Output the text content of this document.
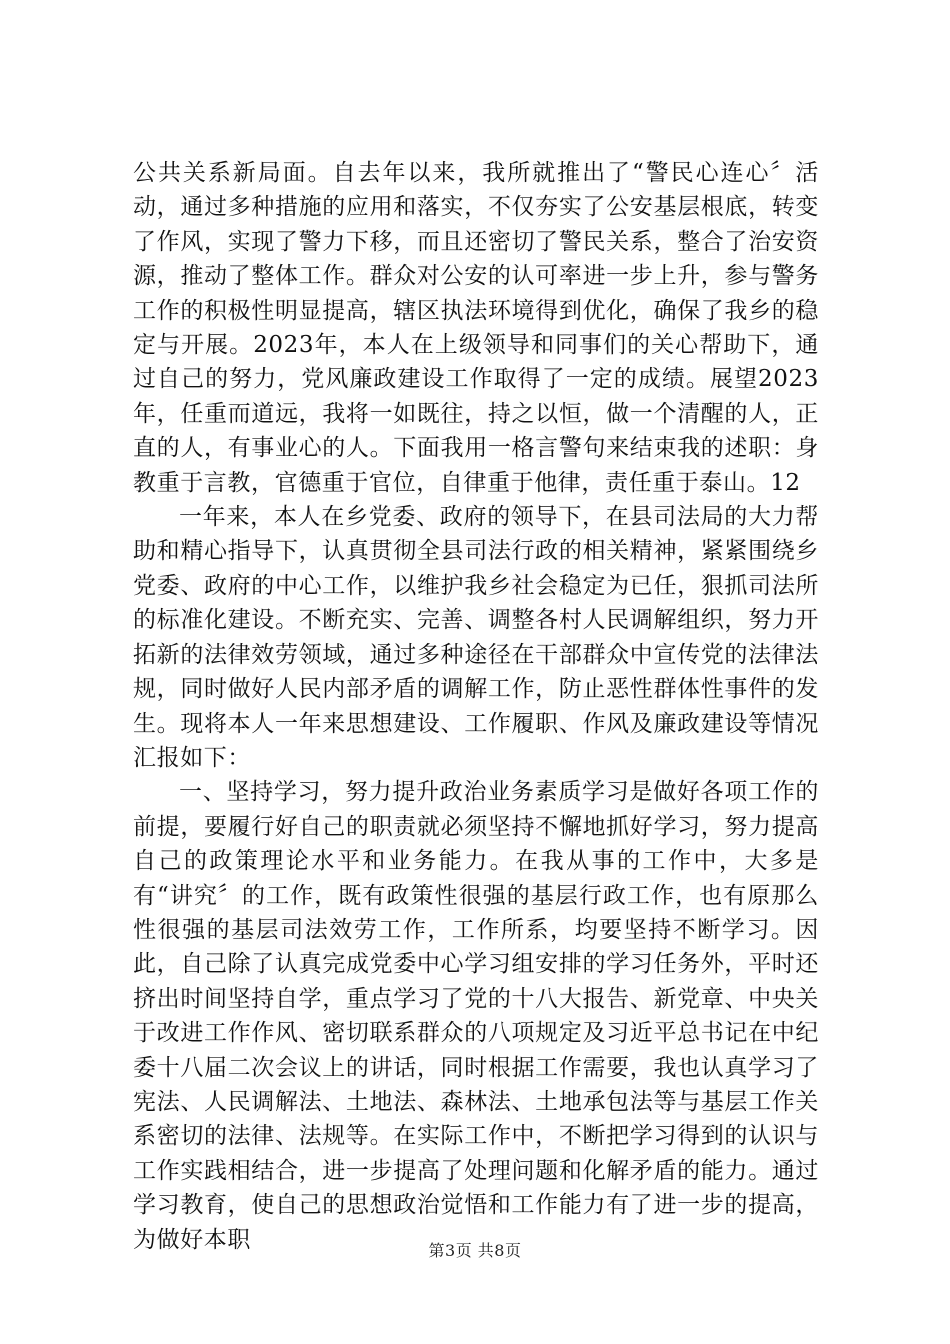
公共关系新局面。自去年以来，我所就推出了“警民心连心〞活动，通过多种措施的应用和落实，不仅夯实了公安基层根底，转变了作风，实现了警力下移，而且还密切了警民关系，整合了治安资源，推动了整体工作。群众对公安的认可率进一步上升，参与警务工作的积极性明显提高，辖区执法环境得到优化，确保了我乡的稳定与开展。2023年，本人在上级领导和同事们的关心帮助下，通过自己的努力，党风廉政建设工作取得了一定的成绩。展望2023年，任重而道远，我将一如既往，持之以恒，做一个清醒的人，正直的人，有事业心的人。下面我用一格言警句来结束我的述职：身教重于言教，官德重于官位，自律重于他律，责任重于泰山。12

一年来，本人在乡党委、政府的领导下，在县司法局的大力帮助和精心指导下，认真贯彻全县司法行政的相关精神，紧紧围绕乡党委、政府的中心工作，以维护我乡社会稳定为已任，狠抓司法所的标准化建设。不断充实、完善、调整各村人民调解组织，努力开拓新的法律效劳领域，通过多种途径在干部群众中宣传党的法律法规，同时做好人民内部矛盾的调解工作，防止恶性群体性事件的发生。现将本人一年来思想建设、工作履职、作风及廉政建设等情况汇报如下：

一、坚持学习，努力提升政治业务素质学习是做好各项工作的前提，要履行好自己的职责就必须坚持不懈地抓好学习，努力提高自己的政策理论水平和业务能力。在我从事的工作中，大多是有“讲究〞的工作，既有政策性很强的基层行政工作，也有原那么性很强的基层司法效劳工作，工作所系，均要坚持不断学习。因此，自己除了认真完成党委中心学习组安排的学习任务外，平时还挤出时间坚持自学，重点学习了党的十八大报告、新党章、中央关于改进工作作风、密切联系群众的八项规定及习近平总书记在中纪委十八届二次会议上的讲话，同时根据工作需要，我也认真学习了宪法、人民调解法、土地法、森林法、土地承包法等与基层工作关系密切的法律、法规等。在实际工作中，不断把学习得到的认识与工作实践相结合，进一步提高了处理问题和化解矛盾的能力。通过学习教育，使自己的思想政治觉悟和工作能力有了进一步的提高，为做好本职	第3页 共8页
